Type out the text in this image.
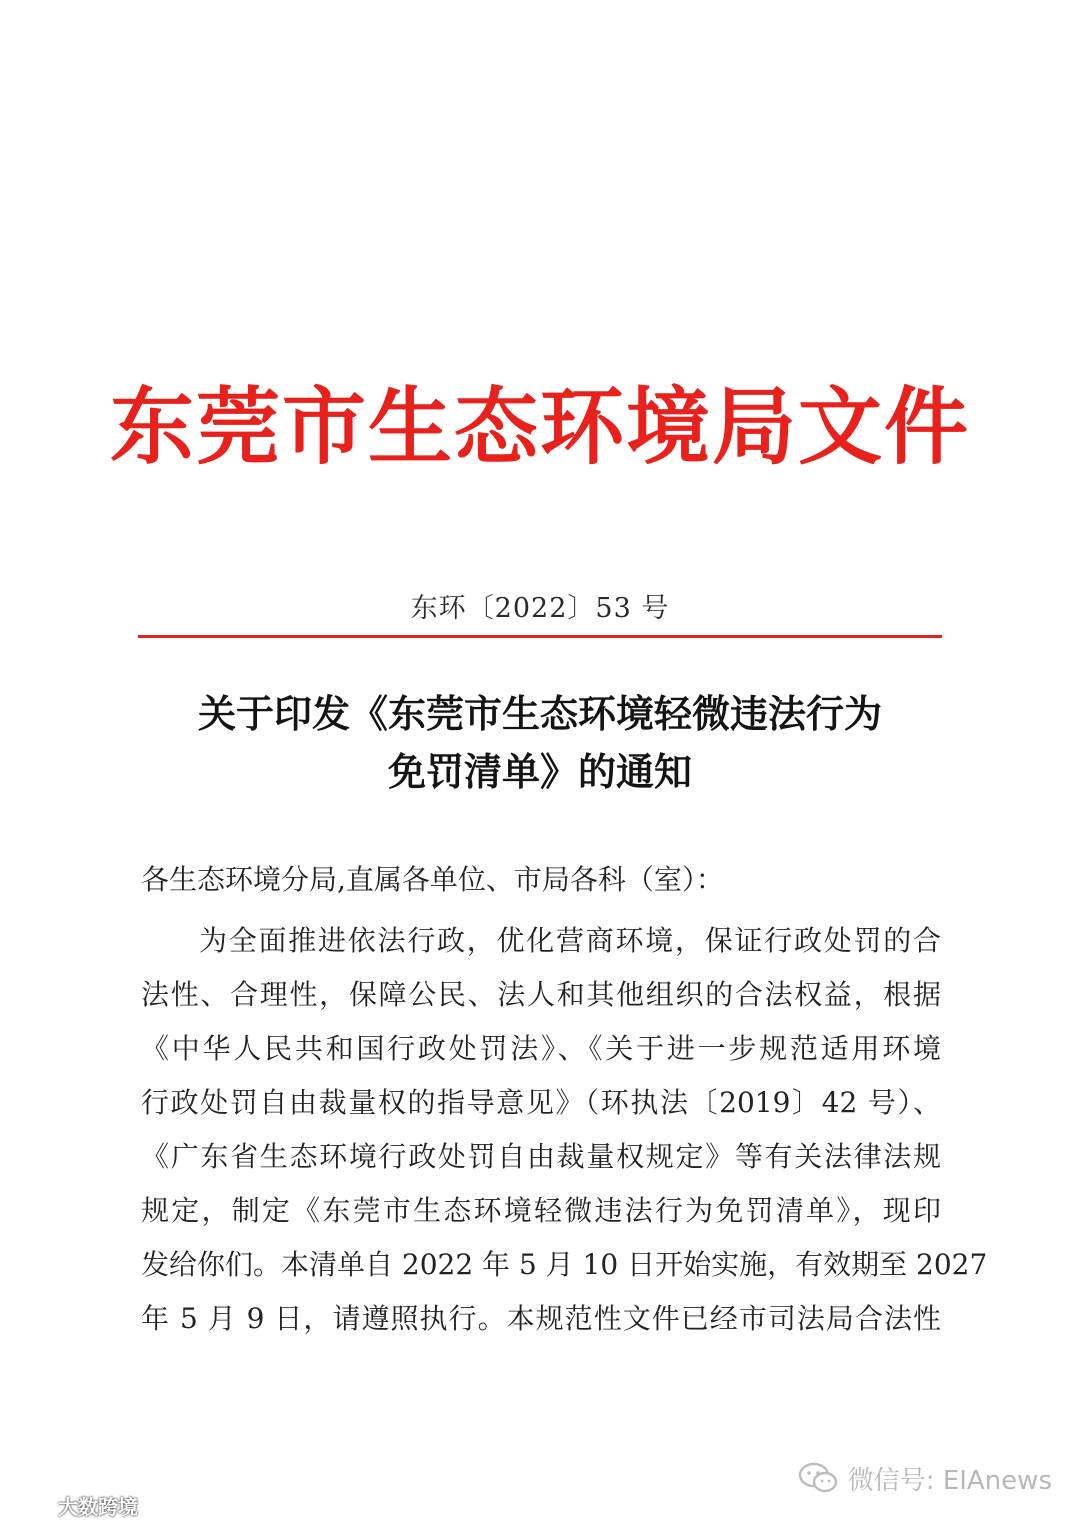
东莞市生态环境局文件
东环〔2022〕53 号
关于印发《东莞市生态环境轻微违法行为
免罚清单》的通知
各生态环境分局,直属各单位、市局各科（室）：
为全面推进依法行政，优化营商环境，保证行政处罚的合
法性、合理性，保障公民、法人和其他组织的合法权益，根据
《中华人民共和国行政处罚法》、《关于进一步规范适用环境
行政处罚自由裁量权的指导意见》（环执法〔2019〕42 号）、
《广东省生态环境行政处罚自由裁量权规定》等有关法律法规
规定，制定《东莞市生态环境轻微违法行为免罚清单》，现印
发给你们。本清单自 2022 年 5 月 10 日开始实施，有效期至 2027
年 5 月 9 日，请遵照执行。本规范性文件已经市司法局合法性
微信号: EIAnews
大数跨境
